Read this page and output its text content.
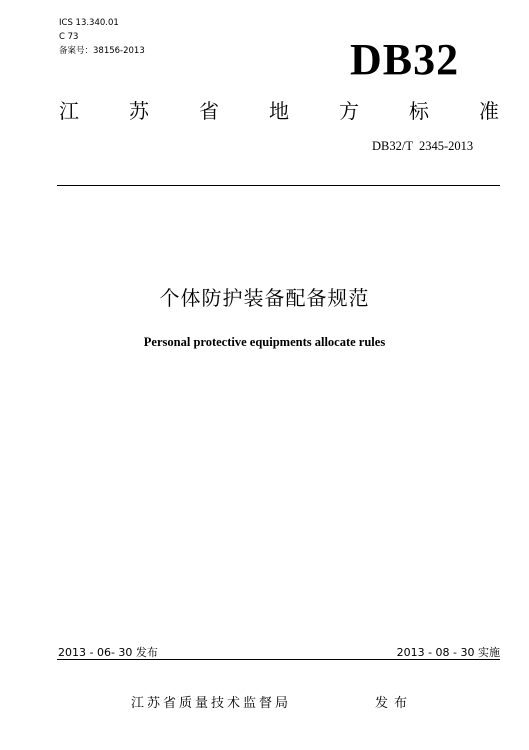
ICS 13.340.01
C 73
备案号：38156-2013	DB32
江	苏	省	地	方	标	准
DB32/T  2345-2013
个体防护装备配备规范
Personal protective equipments allocate rules
2013 - 06- 30 发布	2013 - 08 - 30 实施
江苏省质量技术监督局	发布
